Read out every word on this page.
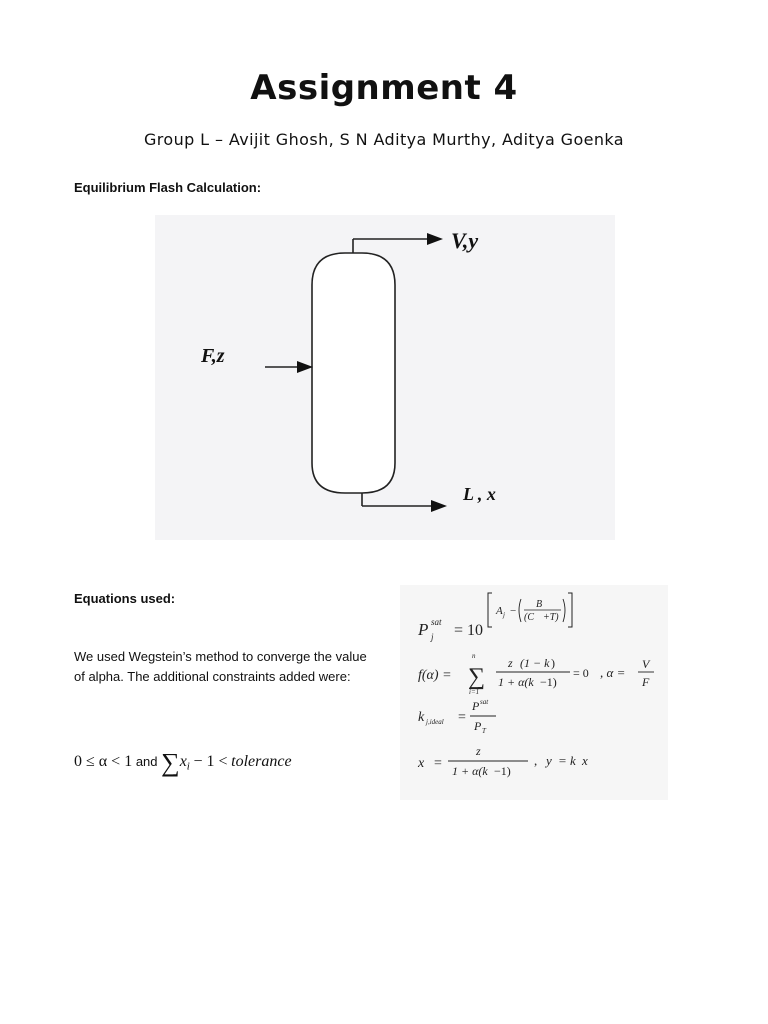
Assignment 4
Group L – Avijit Ghosh, S N Aditya Murthy, Aditya Goenka
Equilibrium Flash Calculation:
V,y
F,z
L , x
Equations used:
We used Wegstein’s method to converge the value of alpha. The additional constraints added were:
0 ≤ α < 1 and $\sum x_i - 1$ < tolerance
P sat
j = 10
A j −
B
(C +T)
f(α) = ∑
n
i=1
z (1 − k )
1 + α(k −1)
= 0 , α =
V
F
k j,ideal =
P sat
P T
x =
z
1 + α(k −1)
, y = k x
